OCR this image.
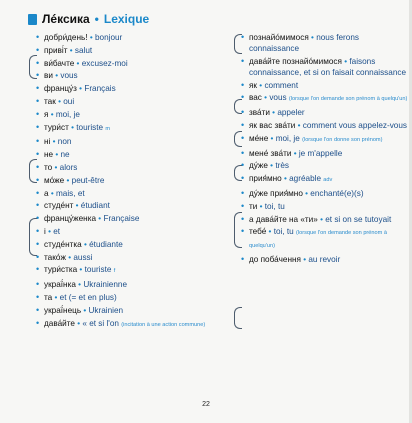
Лéксика • Lexique
• добри́день! • bonjour
• приві́т • salut
• ви́бачте • excusez-moi
• ви • vous
• францу́з • Français
• так • oui
• я • moi, je
• тури́ст • touriste m
• ні • non
• не • ne
• то • alors
• мо́же • peut-être
• а • mais, et
• студе́нт • étudiant
• францу́женка • Française
• і • et
• студе́нтка • étudiante
• тако́ж • aussi
• тури́стка • touriste f
• украї́нка • Ukrainienne
• та • et (= et en plus)
• украї́нець • Ukrainien
• дава́йте • « et si l'on (incitation à une action commune)
• познайо́мимося • nous ferons connaissance
• дава́йте познайо́мимося • faisons connaissance, et si on faisait connaissance
• як • comment
• вас • vous (lorsque l'on demande son prénom à quelqu'un)
• зва́ти • appeler
• як вас зва́ти • comment vous appelez-vous
• ме́не • moi, je (lorsque l'on donne son prénom)
• мене́ зва́ти • je m'appelle
• ду́же • très
• прия́мно • agréable adv
• ду́же прия́мно • enchanté(e)(s)
• ти • toi, tu
• а дава́йте на «ти» • et si on se tutoyait
• тебе́ • toi, tu (lorsque l'on demande son prénom à quelqu'un)
• до поба́чення • au revoir
22
